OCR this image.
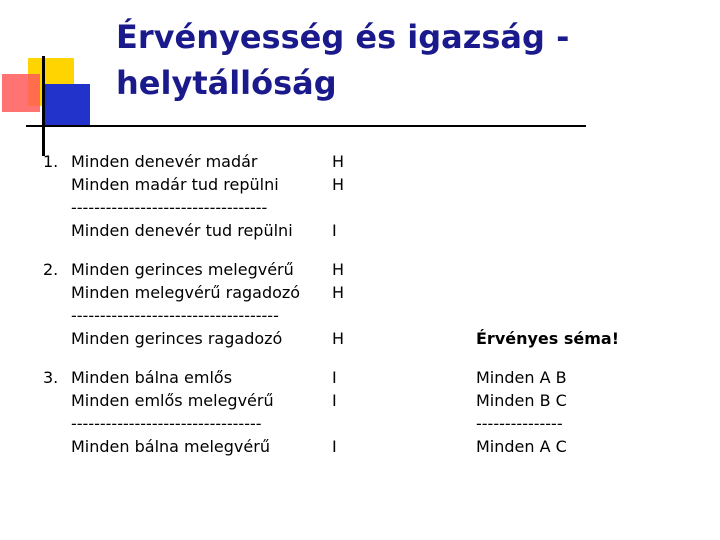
Érvényesség és igazság -
helytállóság
1. Minden denevér madár
Minden madár tud repülni
----------------------------------
Minden denevér tud repülni
H
H

I
2. Minden gerinces melegvérű
Minden melegvérű ragadozó
------------------------------------
Minden gerinces ragadozó
H
H

H	Érvényes séma!
3. Minden bálna emlős
Minden emlős melegvérű
---------------------------------
Minden bálna melegvérű
I
I

I
Minden A B
Minden B C
---------------
Minden A C
